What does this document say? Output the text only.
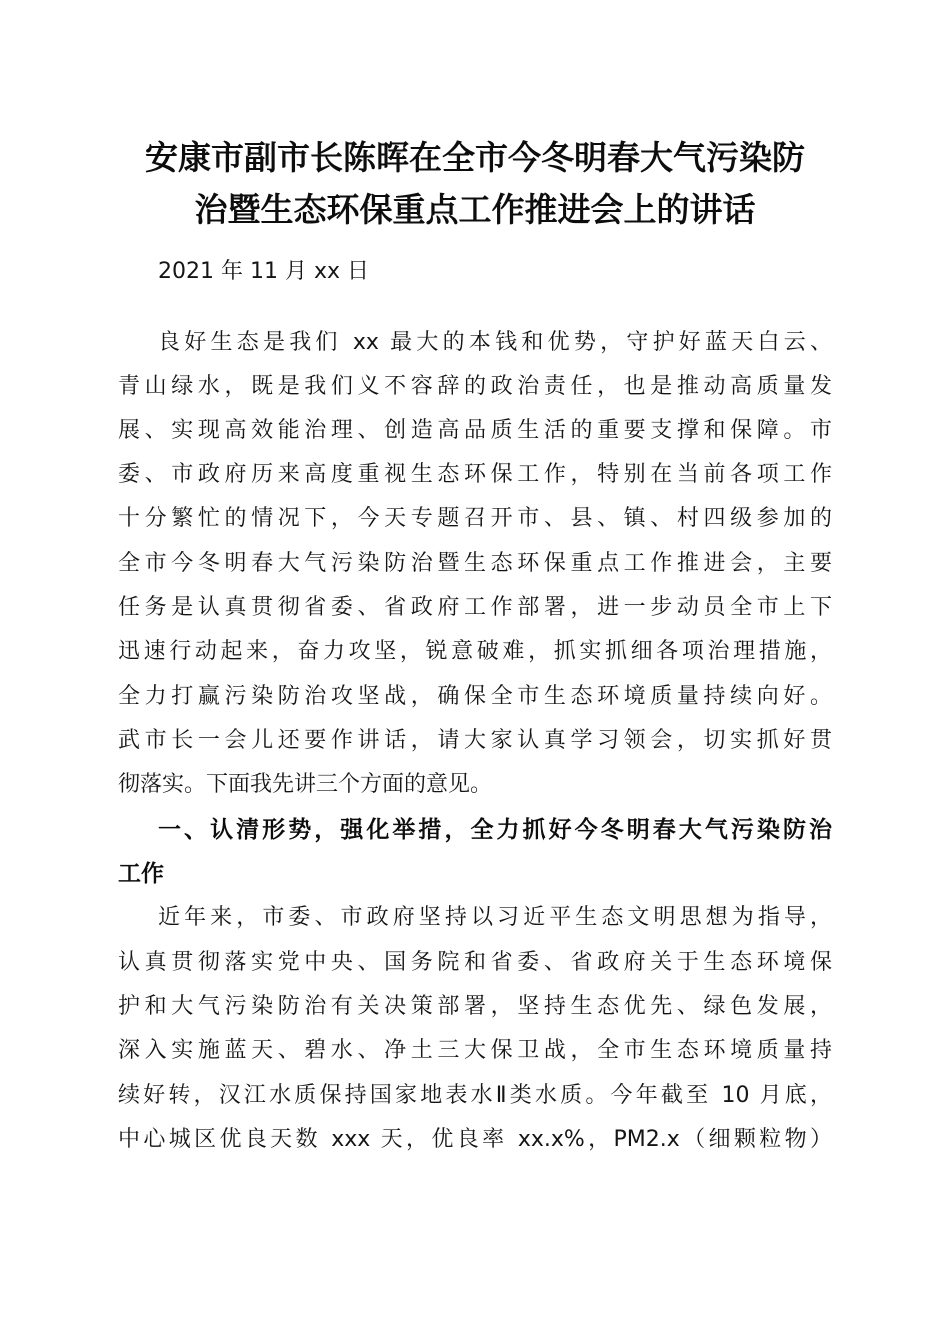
安康市副市长陈晖在全市今冬明春大气污染防
治暨生态环保重点工作推进会上的讲话

2021 年 11 月 xx 日

良好生态是我们 xx 最大的本钱和优势，守护好蓝天白云、

青山绿水，既是我们义不容辞的政治责任，也是推动高质量发

展、实现高效能治理、创造高品质生活的重要支撑和保障。市

委、市政府历来高度重视生态环保工作，特别在当前各项工作

十分繁忙的情况下，今天专题召开市、县、镇、村四级参加的

全市今冬明春大气污染防治暨生态环保重点工作推进会，主要

任务是认真贯彻省委、省政府工作部署，进一步动员全市上下

迅速行动起来，奋力攻坚，锐意破难，抓实抓细各项治理措施，

全力打赢污染防治攻坚战，确保全市生态环境质量持续向好。

武市长一会儿还要作讲话，请大家认真学习领会，切实抓好贯

彻落实。下面我先讲三个方面的意见。

一、认清形势，强化举措，全力抓好今冬明春大气污染防治

工作

近年来，市委、市政府坚持以习近平生态文明思想为指导，

认真贯彻落实党中央、国务院和省委、省政府关于生态环境保

护和大气污染防治有关决策部署，坚持生态优先、绿色发展，

深入实施蓝天、碧水、净土三大保卫战，全市生态环境质量持

续好转，汉江水质保持国家地表水Ⅱ类水质。今年截至 10 月底，

中心城区优良天数 xxx 天，优良率 xx.x%，PM2.x（细颗粒物）
